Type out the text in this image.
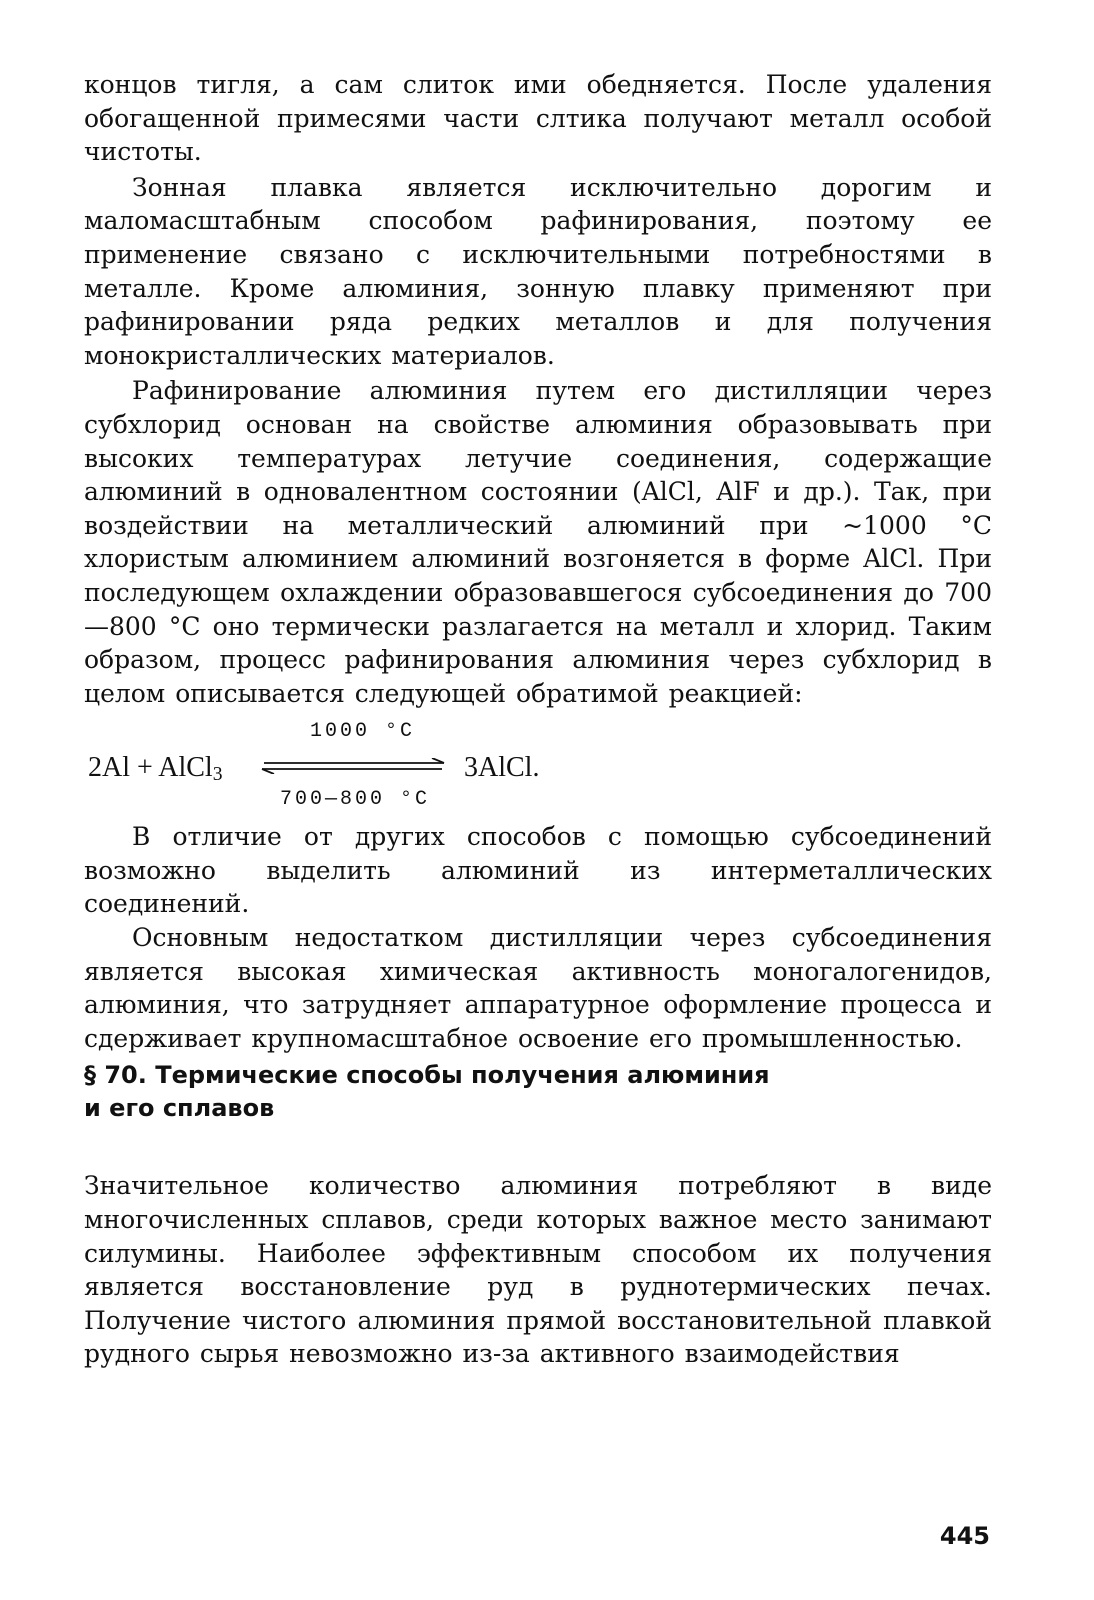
концов тигля, а сам слиток ими обедняется. После удаления обогащенной примесями части слтика получают металл особой чистоты.

Зонная плавка является исключительно дорогим и маломасштабным способом рафинирования, поэтому ее применение связано с исключительными потребностями в металле. Кроме алюминия, зонную плавку применяют при рафинировании ряда редких металлов и для получения монокристаллических материалов.

Рафинирование алюминия путем его дистилляции через субхлорид основан на свойстве алюминия образовывать при высоких температурах летучие соединения, содержащие алюминий в одновалентном состоянии (AlCl, AlF и др.). Так, при воздействии на металлический алюминий при ~1000 °C хлористым алюминием алюминий возгоняется в форме AlCl. При последующем охлаждении образовавшегося субсоединения до 700—800 °C оно термически разлагается на металл и хлорид. Таким образом, процесс рафинирования алюминия через субхлорид в целом описывается следующей обратимой реакцией:

2Al + AlCl$_3$
1000 °C
700—800 °C
3AlCl.

В отличие от других способов с помощью субсоединений возможно выделить алюминий из интерметаллических соединений.

Основным недостатком дистилляции через субсоединения является высокая химическая активность моногалогенидов, алюминия, что затрудняет аппаратурное оформление процесса и сдерживает крупномасштабное освоение его промышленностью.

§ 70. Термические способы получения алюминия
и его сплавов

Значительное количество алюминия потребляют в виде многочисленных сплавов, среди которых важное место занимают силумины. Наиболее эффективным способом их получения является восстановление руд в руднотермических печах. Получение чистого алюминия прямой восстановительной плавкой рудного сырья невозможно из-за активного взаимодействия

445
